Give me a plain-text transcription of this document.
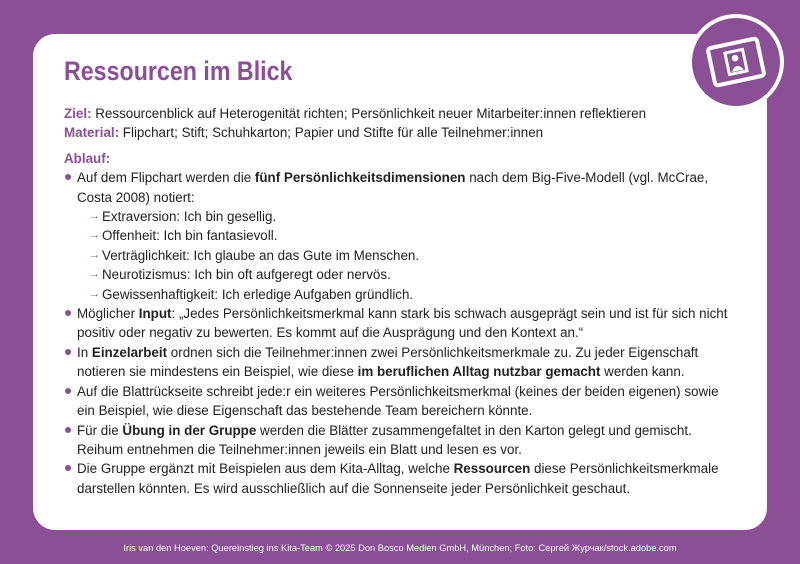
Ressourcen im Blick

Ziel: Ressourcenblick auf Heterogenität richten; Persönlichkeit neuer Mitarbeiter:innen reflektieren

Material: Flipchart; Stift; Schuhkarton; Papier und Stifte für alle Teilnehmer:innen

Ablauf:

Auf dem Flipchart werden die fünf Persönlichkeitsdimensionen nach dem Big-Five-Modell (vgl. McCrae, Costa 2008) notiert:
→ Extraversion: Ich bin gesellig.
→ Offenheit: Ich bin fantasievoll.
→ Verträglichkeit: Ich glaube an das Gute im Menschen.
→ Neurotizismus: Ich bin oft aufgeregt oder nervös.
→ Gewissenhaftigkeit: Ich erledige Aufgaben gründlich.
Möglicher Input: „Jedes Persönlichkeitsmerkmal kann stark bis schwach ausgeprägt sein und ist für sich nicht positiv oder negativ zu bewerten. Es kommt auf die Ausprägung und den Kontext an.“
In Einzelarbeit ordnen sich die Teilnehmer:innen zwei Persönlichkeitsmerkmale zu. Zu jeder Eigenschaft notieren sie mindestens ein Beispiel, wie diese im beruflichen Alltag nutzbar gemacht werden kann.
Auf die Blattrückseite schreibt jede:r ein weiteres Persönlichkeitsmerkmal (keines der beiden eigenen) sowie ein Beispiel, wie diese Eigenschaft das bestehende Team bereichern könnte.
Für die Übung in der Gruppe werden die Blätter zusammengefaltet in den Karton gelegt und gemischt. Reihum entnehmen die Teilnehmer:innen jeweils ein Blatt und lesen es vor.
Die Gruppe ergänzt mit Beispielen aus dem Kita-Alltag, welche Ressourcen diese Persönlichkeitsmerkmale darstellen könnten. Es wird ausschließlich auf die Sonnenseite jeder Persönlichkeit geschaut.
Iris van den Hoeven: Quereinstieg ins Kita-Team © 2025 Don Bosco Medien GmbH, München; Foto: Сергей Журчак/stock.adobe.com
